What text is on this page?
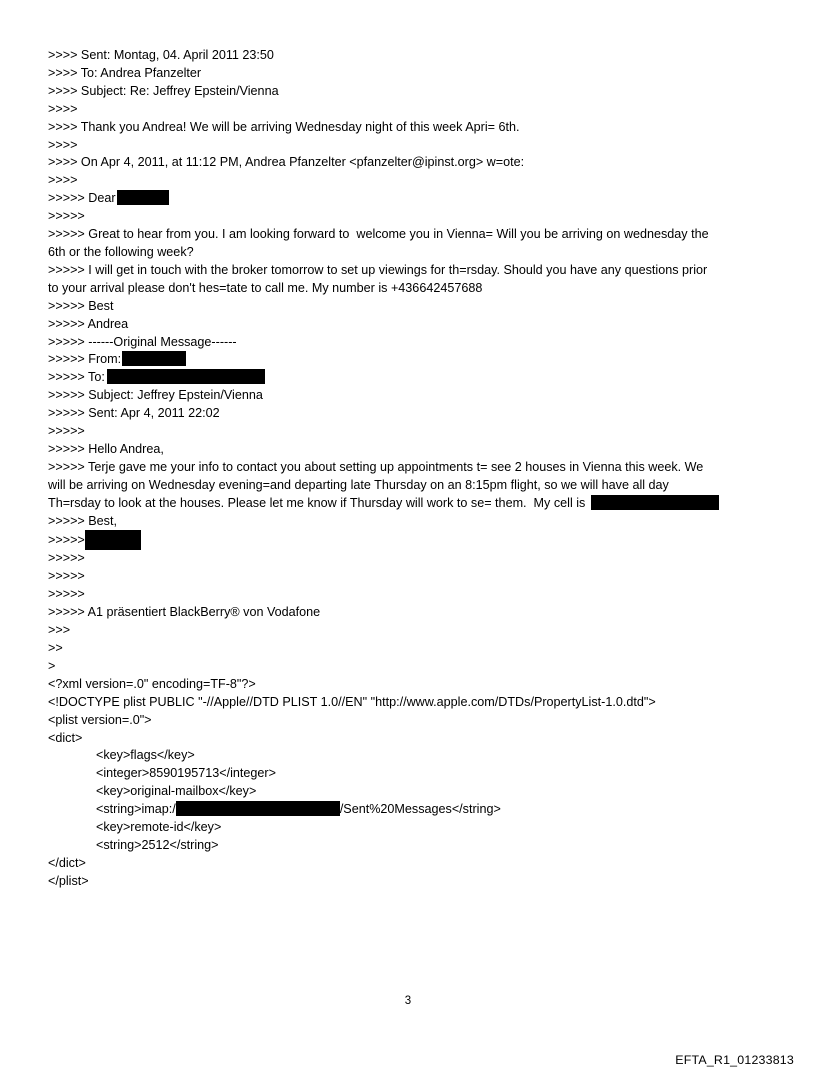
>>>> Sent: Montag, 04. April 2011 23:50
>>>> To: Andrea Pfanzelter
>>>> Subject: Re: Jeffrey Epstein/Vienna
>>>>
>>>> Thank you Andrea! We will be arriving Wednesday night of this week Apri= 6th.
>>>>
>>>> On Apr 4, 2011, at 11:12 PM, Andrea Pfanzelter <pfanzelter@ipinst.org> w=ote:
>>>>
>>>>> Dear
>>>>>
>>>>> Great to hear from you. I am looking forward to  welcome you in Vienna= Will you be arriving on wednesday the
6th or the following week?
>>>>> I will get in touch with the broker tomorrow to set up viewings for th=rsday. Should you have any questions prior
to your arrival please don't hes=tate to call me. My number is +436642457688
>>>>> Best
>>>>> Andrea
>>>>> ------Original Message------
>>>>> From:
>>>>> To:
>>>>> Subject: Jeffrey Epstein/Vienna
>>>>> Sent: Apr 4, 2011 22:02
>>>>>
>>>>> Hello Andrea,
>>>>> Terje gave me your info to contact you about setting up appointments t= see 2 houses in Vienna this week. We
will be arriving on Wednesday evening=and departing late Thursday on an 8:15pm flight, so we will have all day
Th=rsday to look at the houses. Please let me know if Thursday will work to se= them.  My cell is
>>>>> Best,
>>>>>
>>>>>
>>>>>
>>>>>
>>>>> A1 präsentiert BlackBerry® von Vodafone
>>>
>>
>
<?xml version=.0" encoding=TF-8"?>
<!DOCTYPE plist PUBLIC "-//Apple//DTD PLIST 1.0//EN" "http://www.apple.com/DTDs/PropertyList-1.0.dtd">
<plist version=.0">
<dict>
<key>flags</key>
<integer>8590195713</integer>
<key>original-mailbox</key>
<string>imap:/	/Sent%20Messages</string>
<key>remote-id</key>
<string>2512</string>
</dict>
</plist>
3
EFTA_R1_01233813
